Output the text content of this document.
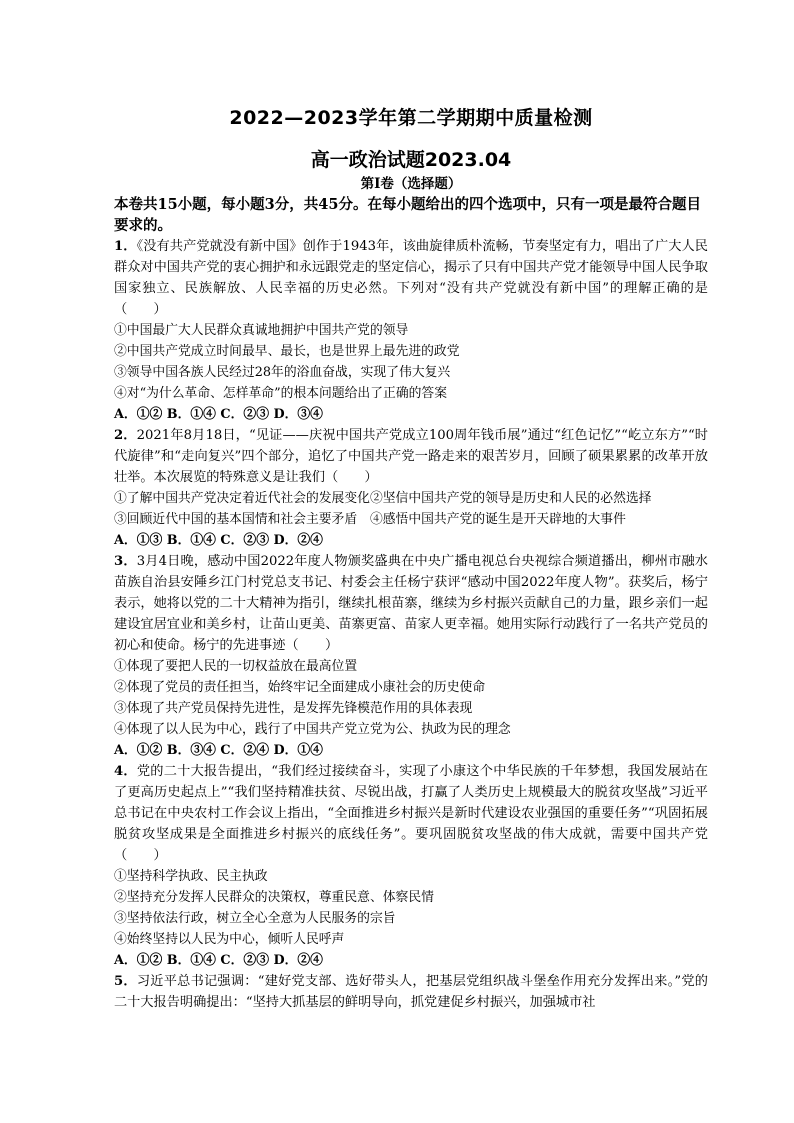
2022—2023学年第二学期期中质量检测
高一政治试题2023.04
第Ⅰ卷（选择题）

本卷共15小题，每小题3分，共45分。在每小题给出的四个选项中，只有一项是最符合题目要求的。

1．《没有共产党就没有新中国》创作于1943年，该曲旋律质朴流畅，节奏坚定有力，唱出了广大人民群众对中国共产党的衷心拥护和永远跟党走的坚定信心，揭示了只有中国共产党才能领导中国人民争取国家独立、民族解放、人民幸福的历史必然。下列对“没有共产党就没有新中国”的理解正确的是（　　）

①中国最广大人民群众真诚地拥护中国共产党的领导

②中国共产党成立时间最早、最长，也是世界上最先进的政党

③领导中国各族人民经过28年的浴血奋战，实现了伟大复兴

④对“为什么革命、怎样革命”的根本问题给出了正确的答案

A．①② B．①④ C．②③ D．③④

2．2021年8月18日，“见证——庆祝中国共产党成立100周年钱币展”通过“红色记忆”“屹立东方”“时代旋律”和“走向复兴”四个部分，追忆了中国共产党一路走来的艰苦岁月，回顾了硕果累累的改革开放壮举。本次展览的特殊意义是让我们（　　）

①了解中国共产党决定着近代社会的发展变化②坚信中国共产党的领导是历史和人民的必然选择

③回顾近代中国的基本国情和社会主要矛盾　④感悟中国共产党的诞生是开天辟地的大事件

A．①③ B．①④ C．②③ D．②④

3．3月4日晚，感动中国2022年度人物颁奖盛典在中央广播电视总台央视综合频道播出，柳州市融水苗族自治县安陲乡江门村党总支书记、村委会主任杨宁获评“感动中国2022年度人物”。获奖后，杨宁表示，她将以党的二十大精神为指引，继续扎根苗寨，继续为乡村振兴贡献自己的力量，跟乡亲们一起建设宜居宜业和美乡村，让苗山更美、苗寨更富、苗家人更幸福。她用实际行动践行了一名共产党员的初心和使命。杨宁的先进事迹（　　）

①体现了要把人民的一切权益放在最高位置

②体现了党员的责任担当，始终牢记全面建成小康社会的历史使命

③体现了共产党员保持先进性，是发挥先锋模范作用的具体表现

④体现了以人民为中心，践行了中国共产党立党为公、执政为民的理念

A．①② B．③④ C．②④ D．①④

4．党的二十大报告提出，“我们经过接续奋斗，实现了小康这个中华民族的千年梦想，我国发展站在了更高历史起点上”“我们坚持精准扶贫、尽锐出战，打赢了人类历史上规模最大的脱贫攻坚战”习近平总书记在中央农村工作会议上指出，“全面推进乡村振兴是新时代建设农业强国的重要任务”“巩固拓展脱贫攻坚成果是全面推进乡村振兴的底线任务”。要巩固脱贫攻坚战的伟大成就，需要中国共产党（　　）

①坚持科学执政、民主执政

②坚持充分发挥人民群众的决策权，尊重民意、体察民情

③坚持依法行政，树立全心全意为人民服务的宗旨

④始终坚持以人民为中心，倾听人民呼声

A．①② B．①④ C．②③ D．②④

5．习近平总书记强调：“建好党支部、选好带头人，把基层党组织战斗堡垒作用充分发挥出来。”党的二十大报告明确提出：“坚持大抓基层的鲜明导向，抓党建促乡村振兴，加强城市社
